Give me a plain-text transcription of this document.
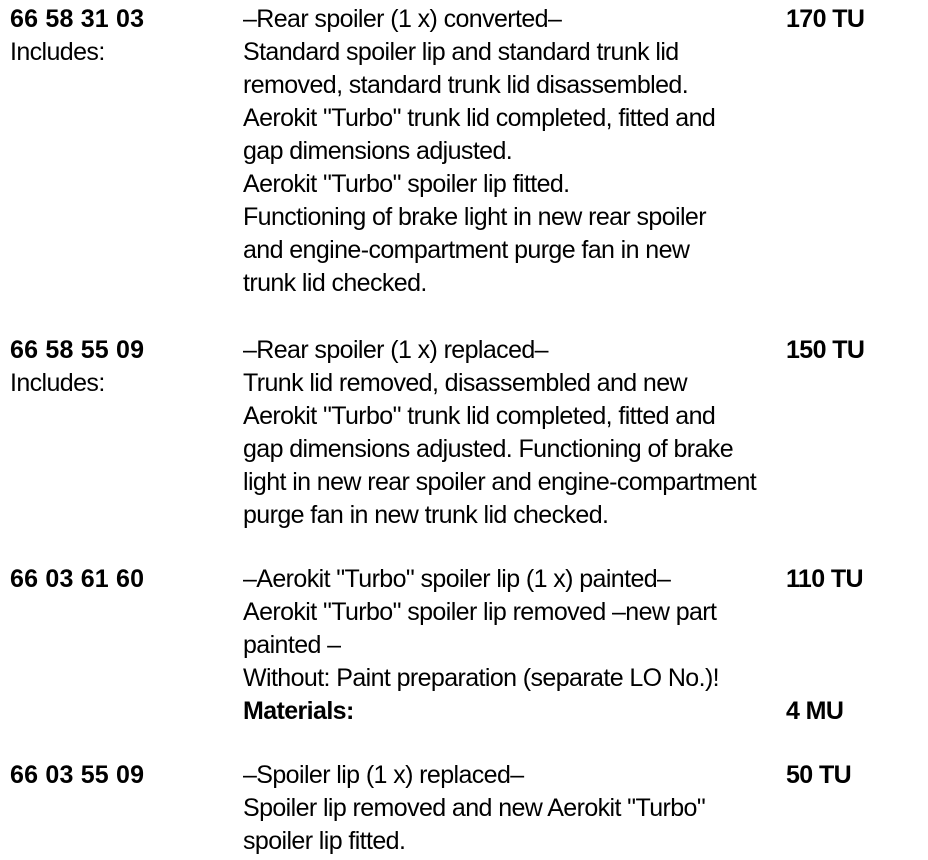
66 58 31 03
Includes:
–Rear spoiler (1 x) converted–
Standard spoiler lip and standard trunk lid
removed, standard trunk lid disassembled.
Aerokit "Turbo" trunk lid completed, fitted and
gap dimensions adjusted.
Aerokit "Turbo" spoiler lip fitted.
Functioning of brake light in new rear spoiler
and engine-compartment purge fan in new
trunk lid checked.
170 TU
66 58 55 09
Includes:
–Rear spoiler (1 x) replaced–
Trunk lid removed, disassembled and new
Aerokit "Turbo" trunk lid completed, fitted and
gap dimensions adjusted. Functioning of brake
light in new rear spoiler and engine-compartment
purge fan in new trunk lid checked.
150 TU
66 03 61 60	–Aerokit "Turbo" spoiler lip (1 x) painted–
Aerokit "Turbo" spoiler lip removed –new part
painted –
Without: Paint preparation (separate LO No.)!
Materials:
110 TU
4 MU
66 03 55 09	–Spoiler lip (1 x) replaced–
Spoiler lip removed and new Aerokit "Turbo"
spoiler lip fitted.
50 TU
